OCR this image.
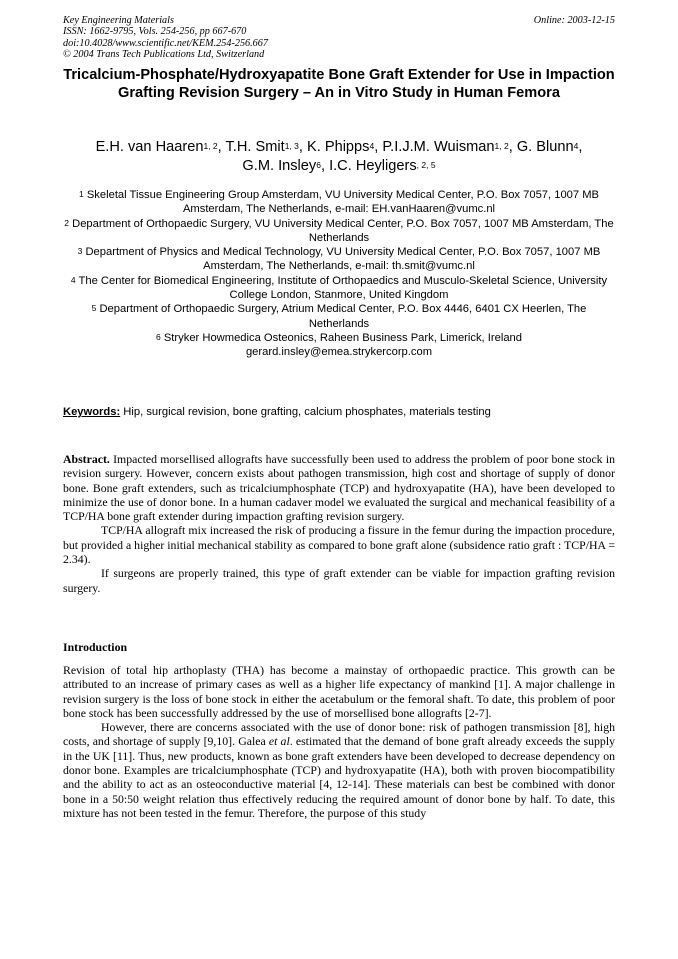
Key Engineering Materials
ISSN: 1662-9795, Vols. 254-256, pp 667-670
doi:10.4028/www.scientific.net/KEM.254-256.667
© 2004 Trans Tech Publications Ltd, Switzerland
Online: 2003-12-15
Tricalcium-Phosphate/Hydroxyapatite Bone Graft Extender for Use in Impaction Grafting Revision Surgery – An in Vitro Study in Human Femora
E.H. van Haaren$^{1, 2}$, T.H. Smit$^{1, 3}$, K. Phipps$^4$, P.I.J.M. Wuisman$^{1, 2}$, G. Blunn$^4$,
G.M. Insley$^6$, I.C. Heyligers$^{, 2, 5}$
$^1$ Skeletal Tissue Engineering Group Amsterdam, VU University Medical Center, P.O. Box 7057, 1007 MB Amsterdam, The Netherlands, e-mail: EH.vanHaaren@vumc.nl
$^2$ Department of Orthopaedic Surgery, VU University Medical Center, P.O. Box 7057, 1007 MB Amsterdam, The Netherlands
$^3$ Department of Physics and Medical Technology, VU University Medical Center, P.O. Box 7057, 1007 MB Amsterdam, The Netherlands, e-mail: th.smit@vumc.nl
$^4$ The Center for Biomedical Engineering, Institute of Orthopaedics and Musculo-Skeletal Science, University College London, Stanmore, United Kingdom
$^5$ Department of Orthopaedic Surgery, Atrium Medical Center, P.O. Box 4446, 6401 CX Heerlen, The Netherlands
$^6$ Stryker Howmedica Osteonics, Raheen Business Park, Limerick, Ireland gerard.insley@emea.strykercorp.com
Keywords: Hip, surgical revision, bone grafting, calcium phosphates, materials testing

Abstract. Impacted morsellised allografts have successfully been used to address the problem of poor bone stock in revision surgery. However, concern exists about pathogen transmission, high cost and shortage of supply of donor bone. Bone graft extenders, such as tricalciumphosphate (TCP) and hydroxyapatite (HA), have been developed to minimize the use of donor bone. In a human cadaver model we evaluated the surgical and mechanical feasibility of a TCP/HA bone graft extender during impaction grafting revision surgery.

TCP/HA allograft mix increased the risk of producing a fissure in the femur during the impaction procedure, but provided a higher initial mechanical stability as compared to bone graft alone (subsidence ratio graft : TCP/HA = 2.34).

If surgeons are properly trained, this type of graft extender can be viable for impaction grafting revision surgery.

Introduction

Revision of total hip arthoplasty (THA) has become a mainstay of orthopaedic practice. This growth can be attributed to an increase of primary cases as well as a higher life expectancy of mankind [1]. A major challenge in revision surgery is the loss of bone stock in either the acetabulum or the femoral shaft. To date, this problem of poor bone stock has been successfully addressed by the use of morsellised bone allografts [2-7].

However, there are concerns associated with the use of donor bone: risk of pathogen transmission [8], high costs, and shortage of supply [9,10]. Galea et al. estimated that the demand of bone graft already exceeds the supply in the UK [11]. Thus, new products, known as bone graft extenders have been developed to decrease dependency on donor bone. Examples are tricalciumphosphate (TCP) and hydroxyapatite (HA), both with proven biocompatibility and the ability to act as an osteoconductive material [4, 12-14]. These materials can best be combined with donor bone in a 50:50 weight relation thus effectively reducing the required amount of donor bone by half. To date, this mixture has not been tested in the femur. Therefore, the purpose of this study
